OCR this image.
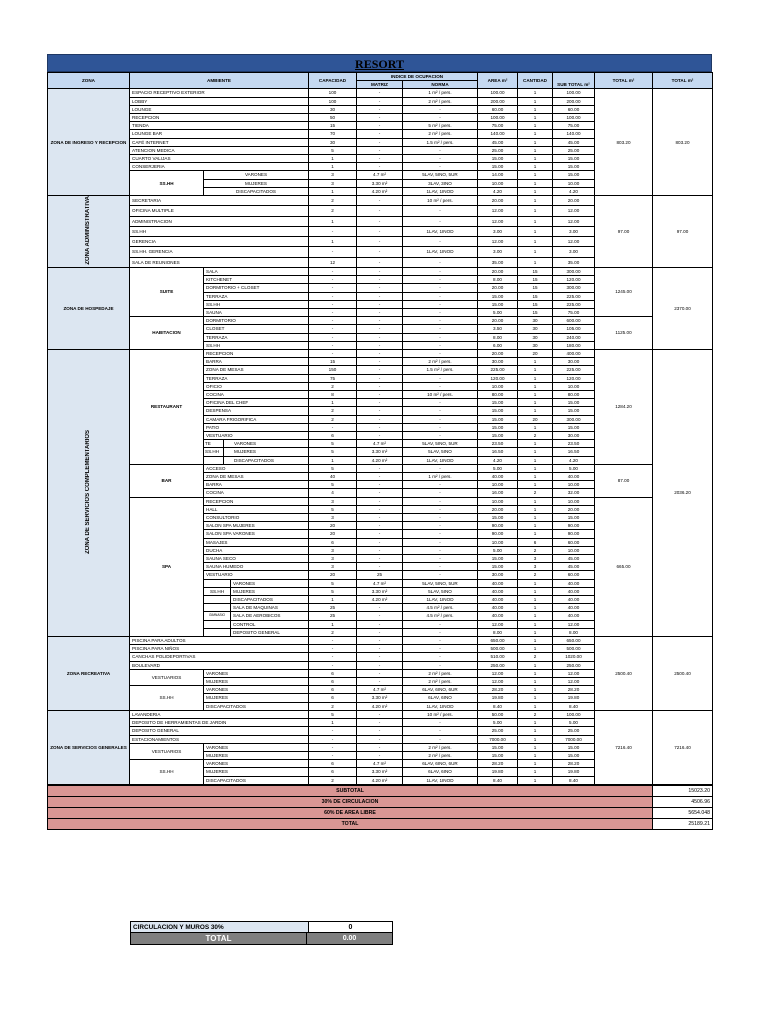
RESORT
ZONA	AMBIENTE		CAPACIDAD	INDICE DE OCUPACION		AREA m²	CANTIDAD	SUB TOTAL m²	TOTAL m²	TOTAL m²
				MATRIZ	NORMA					
ZONA DE INGRESO Y RECEPCION	ESPACIO RECEPTIVO EXTERIOR		100	-	1 m² / pers.	100.00	1	100.00	803.20	803.20
	LOBBY		100	-	2 m² / pers.	200.00	1	200.00		
	LOUNGE		30	-	-	60.00	1	60.00		
	RECEPCION		50	-	-	100.00	1	100.00		
	TIENDA		15	-	5 m² / pers.	75.00	1	75.00		
	LOUNGE BAR		70	-	2 m² / pers.	140.00	1	140.00		
	CAFÉ INTERNET		30	-	1.5 m² / pers.	45.00	1	45.00		
	ATENCION MEDICA		5	-	-	25.00	1	25.00		
	CUARTO VALIJAS		1	-	-	15.00	1	15.00		
	CONSERJERIA		1	-	-	15.00	1	15.00		
	SS.HH	VARONES	3	4.7 m²	5LAV, 5INO, 5UR	14.00	1	15.00		
		MUJERES	3	3.30 m²	3LAV, 3INO	10.00	1	10.00		
		DISCAPACITADOS	1	4.20 m²	1LAV, 1INOD	4.20	1	4.20		
ZONA ADMINISTRATIVA	SECRETARIA		2	-	10 m² / pers.	20.00	1	20.00	97.00	97.00
	OFICINA MULTIPLE		2	-	-	12.00	1	12.00		
	ADMINISTRACION		1	-	-	12.00	1	12.00		
	SS.HH		-	-	1LAV, 1INOD	3.00	1	3.00		
	GERENCIA		1	-	-	12.00	1	12.00		
	SS.HH. GERENCIA		-	-	1LAV, 1INOD	3.00	1	3.00		
	SALA DE REUNIONES		12	-	-	35.00	1	35.00		
ZONA DE HOSPEDAJE	SUITE	SALA	-	-	-	20.00	15	300.00	1245.00	2370.00
		KITCHENET	-	-	-	8.00	15	120.00		
		DORMITORIO + CLOSET	-	-	-	20.00	15	300.00		
		TERRAZA	-	-	-	15.00	15	225.00		
		SS.HH	-	-	-	15.00	15	225.00		
		SAUNA	-	-	-	5.00	15	75.00		
	HABITACION	DORMITORIO	-	-	-	20.00	30	600.00	1125.00	
		CLOSET	-	-	-	3.50	30	105.00		
		TERRAZA	-	-	-	8.00	30	240.00		
		SS.HH	-	-	-	6.00	30	180.00		
ZONA DE SERVICIOS COMPLEMENTARIOS	RESTAURANT	RECEPCION	-	-	-	20.00	20	400.00	1284.20	2036.20
		BARRA	15	-	2 m² / pers.	30.00	1	30.00		
		ZONA DE MESAS	150	-	1.5 m² / pers.	225.00	1	225.00		
		TERRAZA	75	-	-	120.00	1	120.00		
		OFICIO	2	-	-	10.00	1	10.00		
		COCINA	8	-	10 m² / pers.	80.00	1	80.00		
		OFICINA DEL CHEF	1	-	-	15.00	1	15.00		
		DESPENSA	2	-	-	15.00	1	15.00		
		CAMARA FRIGORIFICA	2	-	-	15.00	20	300.00		
		PATIO	-	-	-	15.00	1	15.00		
		VESTUARIO	6	-	-	15.00	2	30.00		

		TE VARONES	5	4.7 m²	5LAV, 5INO, 5UR	23.50	1	23.50		

		SS.HH MUJERES	5	3.30 m²	5LAV, 5INO	16.50	1	16.50		

		DISCAPACITADOS	1	4.20 m²	1LAV, 1INOD	4.20	1	4.20		
	BAR	ACCESO	5	-	-	5.00	1	5.00	87.00	
		ZONA DE MESAS	40	-	1 m² / pers.	40.00	1	40.00		
		BARRA	5	-	-	10.00	1	10.00		
		COCINA	4	-	-	16.00	2	32.00		
	SPA	RECEPCION	3	-	-	10.00	1	10.00	665.00	
		HALL	5	-	-	20.00	1	20.00		
		CONSULTORIO	3	-	-	15.00	1	15.00		
		SALON SPA MUJERES	20	-	-	90.00	1	90.00		
		SALON SPA VARONES	20	-	-	90.00	1	90.00		
		MASAJES	6	-	-	10.00	6	60.00		
		DUCHA	3	-	-	5.00	2	10.00		
		SAUNA SECO	3	-	-	15.00	3	45.00		
		SAUNA HUMEDO	3	-	-	15.00	3	45.00		
		VESTUARIO	20	25	-	30.00	2	60.00		

		VARONES	5	4.7 m²	5LAV, 5INO, 5UR	40.00	1	40.00		

		SS.HH MUJERES	5	3.30 m²	5LAV, 5INO	40.00	1	40.00		

		DISCAPACITADOS	1	4.20 m²	1LAV, 1INOD	40.00	1	40.00		

		SALA DE MAQUINAS	25	-	4.5 m² / pers.	40.00	1	40.00		

		GIMNASIO SALA DE AEROBICOS	25	-	4.5 m² / pers.	40.00	1	40.00		

		CONTROL	1	-	-	12.00	1	12.00		

		DEPOSITO GENERAL	2	-	-	8.00	1	8.00		
ZONA RECREATIVA	PISCINA PARA ADULTOS		-	-	-	650.00	1	650.00	2500.40	2500.40
	PISCINA PARA NIÑOS		-	-	-	500.00	1	500.00		
	CANCHAS POLIDEPORTIVAS		-	-	-	510.00	2	1020.00		
	BOULEVARD		-	-	-	250.00	1	250.00		
	VESTUARIOS	VARONES	6	-	2 m² / pers.	12.00	1	12.00		
		MUJERES	6	-	2 m² / pers.	12.00	1	12.00		
	SS.HH	VARONES	6	4.7 m²	6LAV, 6INO, 6UR	28.20	1	28.20		
		MUJERES	6	3.30 m²	6LAV, 6INO	19.80	1	19.80		
		DISCAPACITADOS	2	4.20 m²	1LAV, 1INOD	8.40	1	8.40		
ZONA DE SERVICIOS GENERALES	LAVANDERIA		5	-	10 m² / pers.	50.00	2	100.00	7216.40	7216.40
	DEPOSITO DE HERRAMIENTAS DE JARDIN		1	-	-	5.00	1	5.00		
	DEPOSITO GENERAL		-	-	-	25.00	1	25.00		
	ESTACIONAMIENTOS		-	-	-	7000.00	1	7000.00		
	VESTUARIOS	VARONES	-	-	2 m² / pers.	15.00	1	15.00		
		MUJERES	-	-	2 m² / pers.	15.00	1	15.00		
	SS.HH	VARONES	6	4.7 m²	6LAV, 6INO, 6UR	28.20	1	28.20		
		MUJERES	6	3.30 m²	6LAV, 6INO	19.80	1	19.80		
		DISCAPACITADOS	2	4.20 m²	1LAV, 1INOD	8.40	1	8.40		
SUBTOTAL	15023.20
30% DE CIRCULACION	4506.96
60% DE AREA LIBRE	5654.048
TOTAL	25189.21
CIRCULACION Y MUROS 30%	0
TOTAL	0.00
